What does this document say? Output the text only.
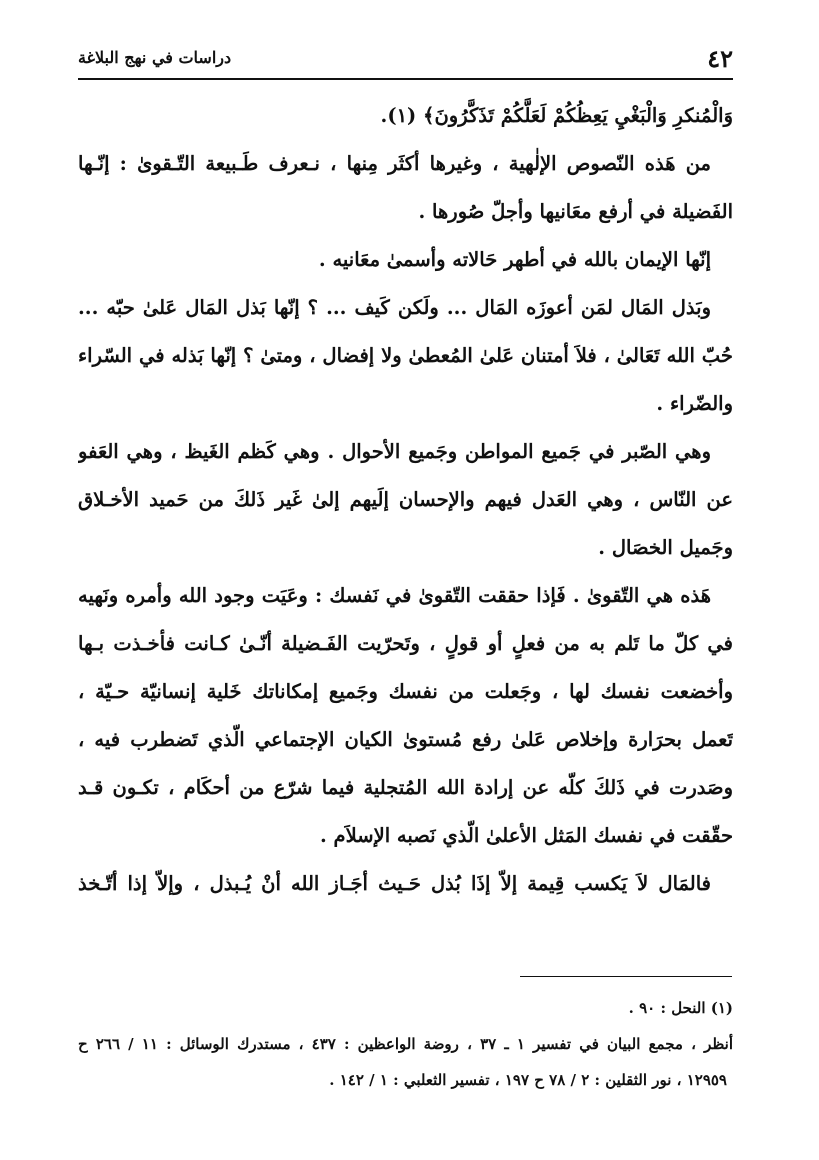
٤٢
دراسات في نهج البلاغة
وَالْمُنكرِ وَالْبَغْيِ يَعِظُكُمْ لَعَلَّكُمْ تَذَكَّرُونَ﴾ (١).
من هَذه النّصوص الإلٰهية ، وغيرها أكثَر مِنها ، نـعرف طَـبيعة التّـقوىٰ : إنّـها
الفَضيلة في أرفع معَانيها وأجلّ صُورها .
إنّها الإيمان بالله في أطهر حَالاته وأسمىٰ معَانيه .
وبَذل المَال لمَن أعوزَه المَال ... ولَكن كَيف ... ؟ إنّها بَذل المَال عَلىٰ حبّه ...
حُبّ الله تَعَالىٰ ، فلاَ أمتنان عَلىٰ المُعطىٰ ولا إفضال ، ومتىٰ ؟ إنّها بَذله في السّراء
والضّراء .
وهي الصّبر في جَميع المواطن وجَميع الأحوال . وهي كَظم الغَيظ ، وهي العَفو
عن النّاس ، وهي العَدل فيهم والإحسان إلَيهم إلىٰ غَير ذَلكَ من حَميد الأخـلاق
وجَميل الخصَال .
هَذه هي التّقوىٰ . فَإذا حققت التّقوىٰ في نَفسك : وعَيَت وجود الله وأمره ونَهيه
في كلّ ما تَلم به من فعلٍ أو قولٍ ، وتَحرّيت الفَـضيلة أنّـىٰ كـانت فأخـذت بـها
وأخضعت نفسك لها ، وجَعلت من نفسك وجَميع إمكاناتك خَلية إنسانيّة حـيّة ،
تَعمل بحرَارة وإخلاص عَلىٰ رفع مُستوىٰ الكيان الإجتماعي الّذي تَضطرب فيه ،
وصَدرت في ذَلكَ كلّه عن إرادة الله المُتجلية فيما شرّع من أحكَام ، تكـون قـد
حقّقت في نفسك المَثل الأعلىٰ الّذي نَصبه الإسلاَم .
فالمَال لاَ يَكسب قِيمة إلاّ إذَا بُذل حَـيث أجَـاز الله أنْ يُـبذل ، وإلاّ إذا أتّـخذ
(١) النحل : ٩٠ .
أنظر ، مجمع البيان في تفسير ١ ـ ٣٧ ، روضة الواعظين : ٤٣٧ ، مستدرك الوسائل : ١١ / ٢٦٦ ح
١٢٩٥٩ ، نور الثقلين : ٢ / ٧٨ ح ١٩٧ ، تفسير الثعلبي : ١ / ١٤٢ .
